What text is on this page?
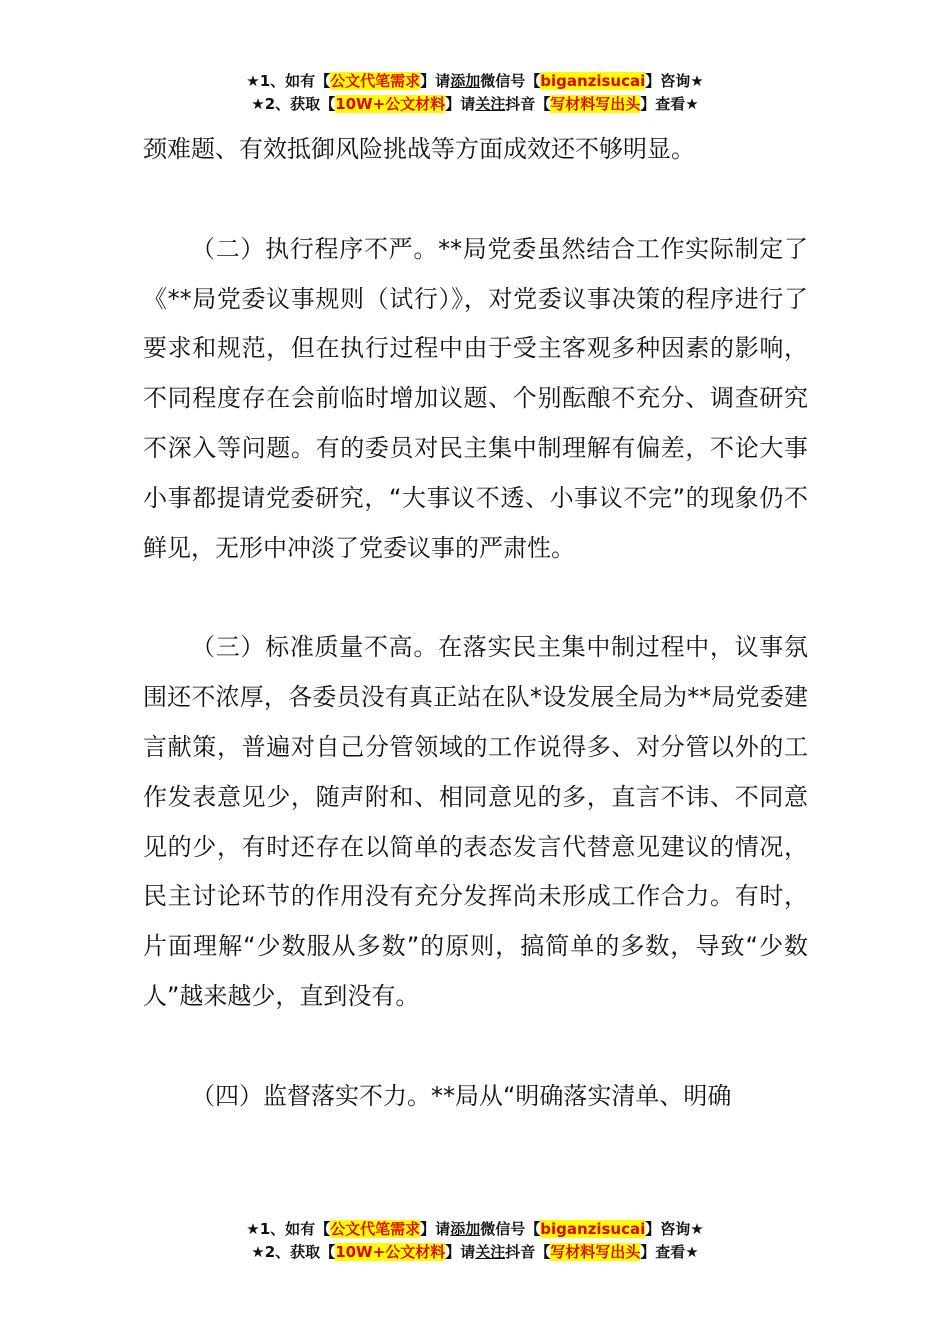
★1、如有【公文代笔需求】请添加微信号【biganzisucai】咨询★
★2、获取【10W+公文材料】请关注抖音【写材料写出头】查看★

颈难题、有效抵御风险挑战等方面成效还不够明显。

（二）执行程序不严。**局党委虽然结合工作实际制定了《**局党委议事规则（试行）》，对党委议事决策的程序进行了要求和规范，但在执行过程中由于受主客观多种因素的影响，不同程度存在会前临时增加议题、个别酝酿不充分、调查研究不深入等问题。有的委员对民主集中制理解有偏差，不论大事小事都提请党委研究，“大事议不透、小事议不完”的现象仍不鲜见，无形中冲淡了党委议事的严肃性。

（三）标准质量不高。在落实民主集中制过程中，议事氛围还不浓厚，各委员没有真正站在队*设发展全局为**局党委建言献策，普遍对自己分管领域的工作说得多、对分管以外的工作发表意见少，随声附和、相同意见的多，直言不讳、不同意见的少，有时还存在以简单的表态发言代替意见建议的情况，民主讨论环节的作用没有充分发挥尚未形成工作合力。有时，片面理解“少数服从多数”的原则，搞简单的多数，导致“少数人”越来越少，直到没有。

（四）监督落实不力。**局从“明确落实清单、明确

★1、如有【公文代笔需求】请添加微信号【biganzisucai】咨询★
★2、获取【10W+公文材料】请关注抖音【写材料写出头】查看★
